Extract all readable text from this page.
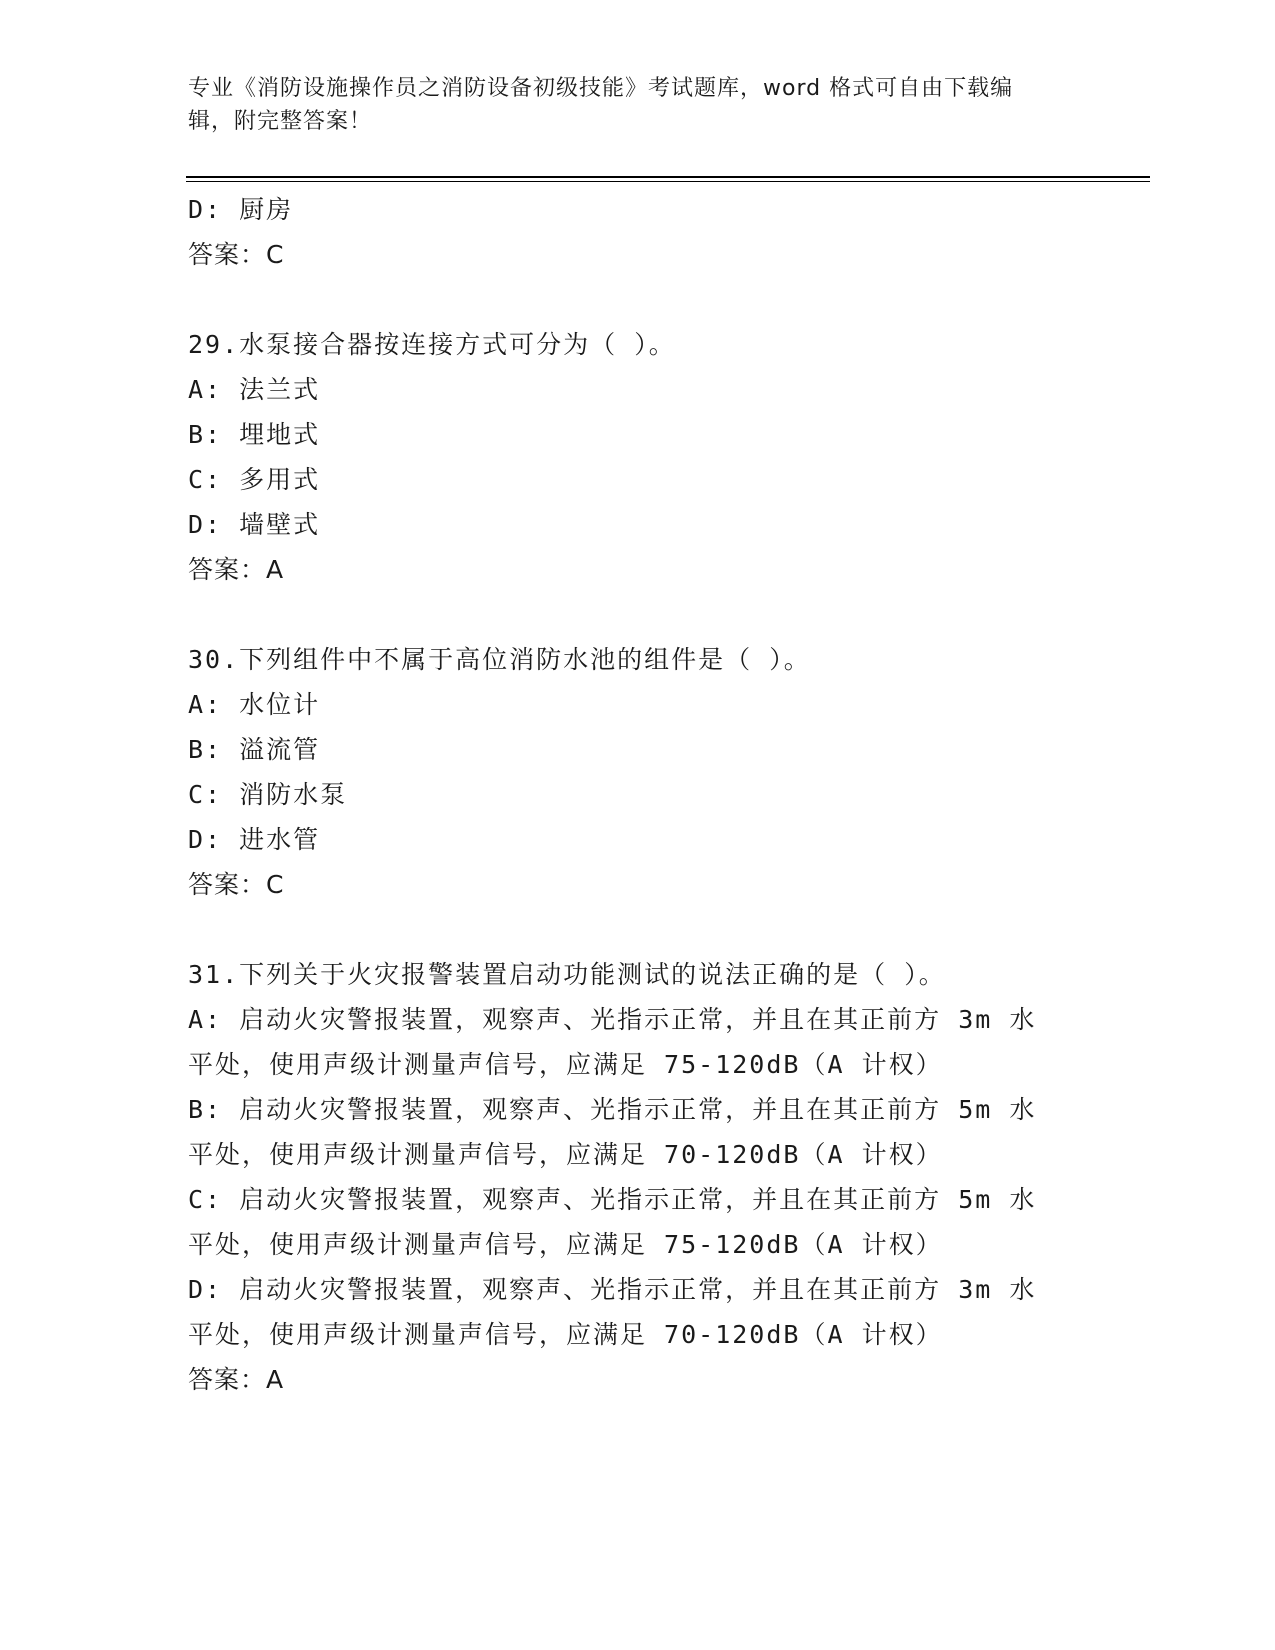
专业《消防设施操作员之消防设备初级技能》考试题库，word 格式可自由下载编
辑，附完整答案！
D: 厨房
答案：C
29.水泵接合器按连接方式可分为（ ）。
A: 法兰式
B: 埋地式
C: 多用式
D: 墙壁式
答案：A
30.下列组件中不属于高位消防水池的组件是（ ）。
A: 水位计
B: 溢流管
C: 消防水泵
D: 进水管
答案：C
31.下列关于火灾报警装置启动功能测试的说法正确的是（ ）。
A: 启动火灾警报装置，观察声、光指示正常，并且在其正前方 3m 水
平处，使用声级计测量声信号，应满足 75-120dB（A 计权）
B: 启动火灾警报装置，观察声、光指示正常，并且在其正前方 5m 水
平处，使用声级计测量声信号，应满足 70-120dB（A 计权）
C: 启动火灾警报装置，观察声、光指示正常，并且在其正前方 5m 水
平处，使用声级计测量声信号，应满足 75-120dB（A 计权）
D: 启动火灾警报装置，观察声、光指示正常，并且在其正前方 3m 水
平处，使用声级计测量声信号，应满足 70-120dB（A 计权）
答案：A
